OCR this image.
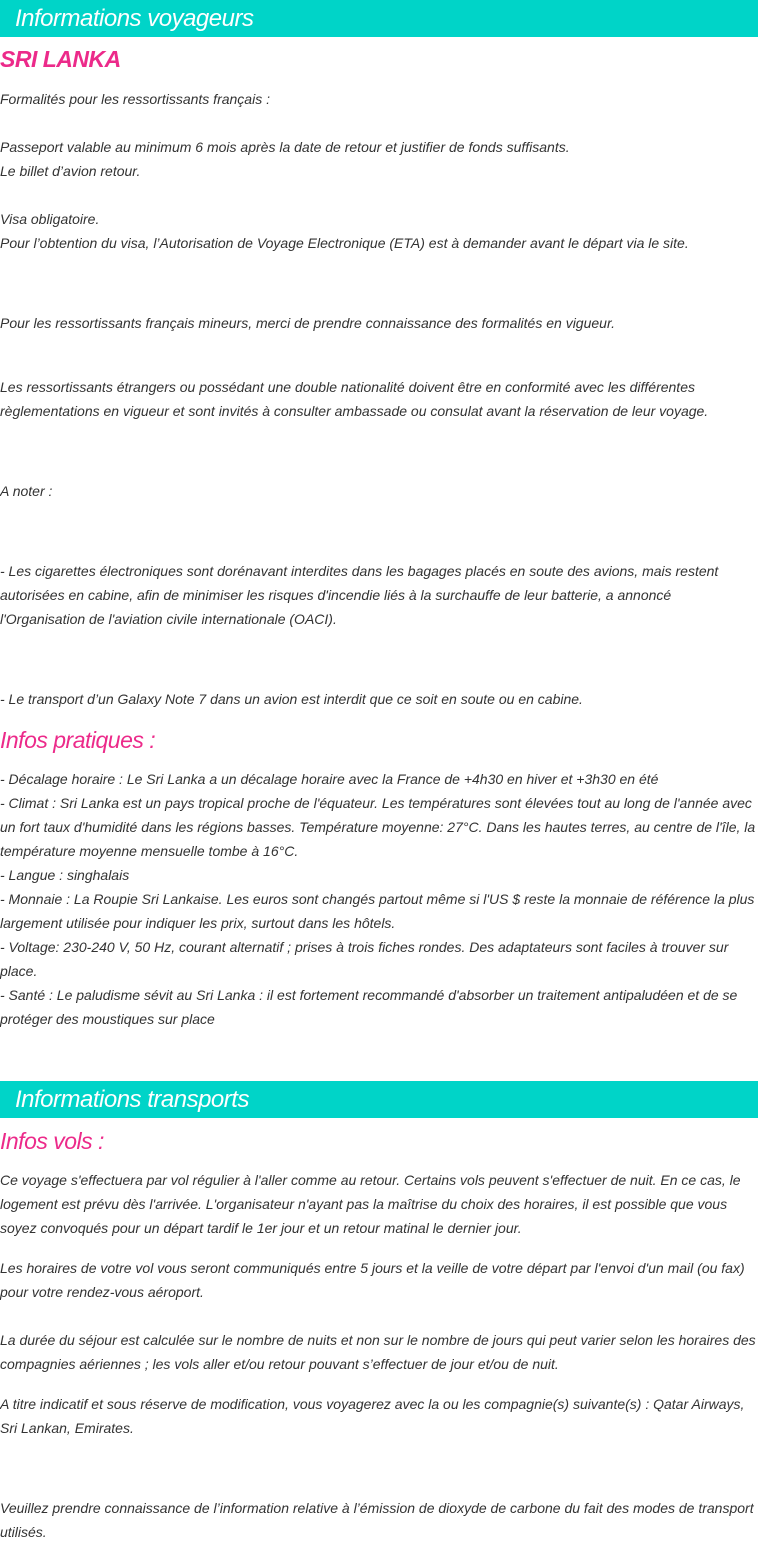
Informations voyageurs
SRI LANKA

Formalités pour les ressortissants français :

Passeport valable au minimum 6 mois après la date de retour et justifier de fonds suffisants.

Le billet d’avion retour.

Visa obligatoire.

Pour l’obtention du visa, l’Autorisation de Voyage Electronique (ETA) est à demander avant le départ via le site.

Pour les ressortissants français mineurs, merci de prendre connaissance des formalités en vigueur.

Les ressortissants étrangers ou possédant une double nationalité doivent être en conformité avec les différentes règlementations en vigueur et sont invités à consulter ambassade ou consulat avant la réservation de leur voyage.

A noter :

- Les cigarettes électroniques sont dorénavant interdites dans les bagages placés en soute des avions, mais restent autorisées en cabine, afin de minimiser les risques d'incendie liés à la surchauffe de leur batterie, a annoncé l'Organisation de l'aviation civile internationale (OACI).

- Le transport d’un Galaxy Note 7 dans un avion est interdit que ce soit en soute ou en cabine.

Infos pratiques :

- Décalage horaire : Le Sri Lanka a un décalage horaire avec la France de +4h30 en hiver et +3h30 en été

- Climat : Sri Lanka est un pays tropical proche de l'équateur. Les températures sont élevées tout au long de l'année avec un fort taux d'humidité dans les régions basses. Température moyenne: 27°C. Dans les hautes terres, au centre de l'île, la température moyenne mensuelle tombe à 16°C.

- Langue : singhalais

- Monnaie : La Roupie Sri Lankaise. Les euros sont changés partout même si l'US $ reste la monnaie de référence la plus largement utilisée pour indiquer les prix, surtout dans les hôtels.

- Voltage: 230-240 V, 50 Hz, courant alternatif ; prises à trois fiches rondes. Des adaptateurs sont faciles à trouver sur place.

- Santé : Le paludisme sévit au Sri Lanka : il est fortement recommandé d'absorber un traitement antipaludéen et de se protéger des moustiques sur place

Informations transports
Infos vols :

Ce voyage s'effectuera par vol régulier à l'aller comme au retour. Certains vols peuvent s'effectuer de nuit. En ce cas, le logement est prévu dès l'arrivée. L'organisateur n'ayant pas la maîtrise du choix des horaires, il est possible que vous soyez convoqués pour un départ tardif le 1er jour et un retour matinal le dernier jour.

Les horaires de votre vol vous seront communiqués entre 5 jours et la veille de votre départ par l'envoi d'un mail (ou fax) pour votre rendez-vous aéroport.

La durée du séjour est calculée sur le nombre de nuits et non sur le nombre de jours qui peut varier selon les horaires des compagnies aériennes ; les vols aller et/ou retour pouvant s’effectuer de jour et/ou de nuit.

A titre indicatif et sous réserve de modification, vous voyagerez avec la ou les compagnie(s) suivante(s) : Qatar Airways, Sri Lankan, Emirates.

Veuillez prendre connaissance de l’information relative à l’émission de dioxyde de carbone du fait des modes de transport utilisés.
